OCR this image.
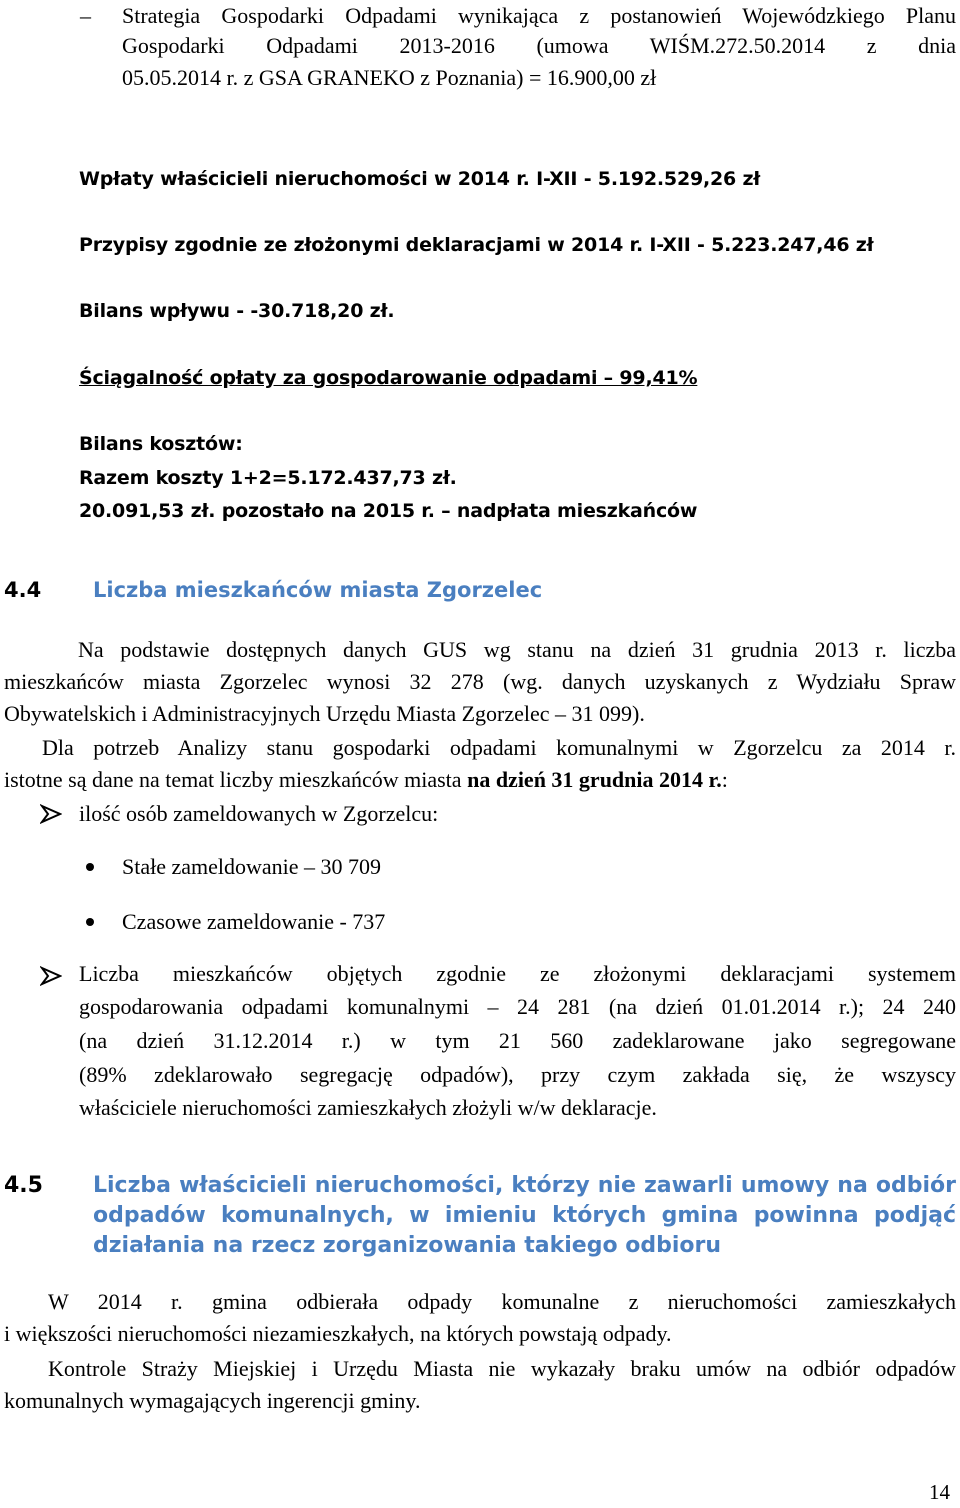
– Strategia Gospodarki Odpadami wynikająca z postanowień Wojewódzkiego Planu
Gospodarki Odpadami 2013-2016 (umowa WIŚM.272.50.2014 z dnia
05.05.2014 r. z GSA GRANEKO z Poznania) = 16.900,00 zł
Wpłaty właścicieli nieruchomości w 2014 r. I-XII - 5.192.529,26 zł
Przypisy zgodnie ze złożonymi deklaracjami w 2014 r. I-XII - 5.223.247,46 zł
Bilans wpływu - -30.718,20 zł.
Ściągalność opłaty za gospodarowanie odpadami – 99,41%
Bilans kosztów:
Razem koszty 1+2=5.172.437,73 zł.
20.091,53 zł. pozostało na 2015 r. – nadpłata mieszkańców
4.4 Liczba mieszkańców miasta Zgorzelec
Na podstawie dostępnych danych GUS wg stanu na dzień 31 grudnia 2013 r. liczba
mieszkańców miasta Zgorzelec wynosi 32 278 (wg. danych uzyskanych z Wydziału Spraw
Obywatelskich i Administracyjnych Urzędu Miasta Zgorzelec – 31 099).
Dla potrzeb Analizy stanu gospodarki odpadami komunalnymi w Zgorzelcu za 2014 r.
istotne są dane na temat liczby mieszkańców miasta na dzień 31 grudnia 2014 r.:
ilość osób zameldowanych w Zgorzelcu:
Stałe zameldowanie – 30 709
Czasowe zameldowanie - 737
Liczba mieszkańców objętych zgodnie ze złożonymi deklaracjami systemem
gospodarowania odpadami komunalnymi – 24 281 (na dzień 01.01.2014 r.); 24 240
(na dzień 31.12.2014 r.) w tym 21 560 zadeklarowane jako segregowane
(89% zdeklarowało segregację odpadów), przy czym zakłada się, że wszyscy
właściciele nieruchomości zamieszkałych złożyli w/w deklaracje.
4.5 Liczba właścicieli nieruchomości, którzy nie zawarli umowy na odbiór
odpadów komunalnych, w imieniu których gmina powinna podjąć
działania na rzecz zorganizowania takiego odbioru
W 2014 r. gmina odbierała odpady komunalne z nieruchomości zamieszkałych
i większości nieruchomości niezamieszkałych, na których powstają odpady.
Kontrole Straży Miejskiej i Urzędu Miasta nie wykazały braku umów na odbiór odpadów
komunalnych wymagających ingerencji gminy.
14
